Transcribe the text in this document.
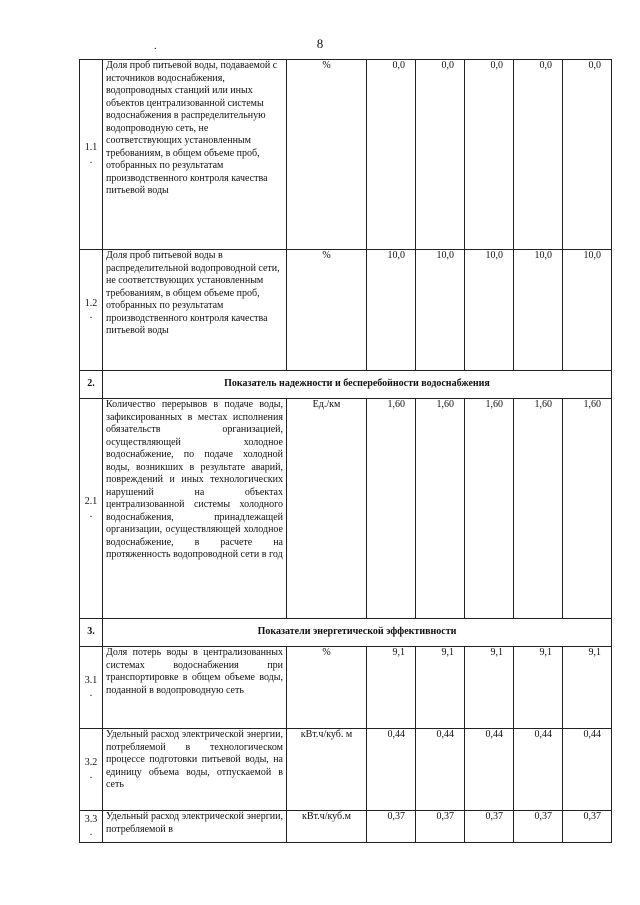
8
.
1.1
.	Доля проб питьевой воды, подаваемой с источников водоснабжения, водопроводных станций или иных объектов централизованной системы водоснабжения в распределительную водопроводную сеть, не соответствующих установленным требованиям, в общем объеме проб, отобранных по результатам производственного контроля качества питьевой воды	%	0,0	0,0	0,0	0,0	0,0

1.2
.	Доля проб питьевой воды в распределительной водопроводной сети, не соответствующих установленным требованиям, в общем объеме проб, отобранных по результатам производственного контроля качества питьевой воды	%	10,0	10,0	10,0	10,0	10,0
2.	Показатель надежности и бесперебойности водоснабжения						

2.1
.	Количество перерывов в подаче воды, зафиксированных в местах исполнения обязательств организацией, осуществляющей холодное водоснабжение, по подаче холодной воды, возникших в результате аварий, повреждений и иных технологических нарушений на объектах централизованной системы холодного водоснабжения, принадлежащей организации, осуществляющей холодное водоснабжение, в расчете на протяженность водопроводной сети в год	Ед./км	1,60	1,60	1,60	1,60	1,60
3.	Показатели энергетической эффективности						

3.1
.	Доля потерь воды в централизованных системах водоснабжения при транспортировке в общем объеме воды, поданной в водопроводную сеть	%	9,1	9,1	9,1	9,1	9,1

3.2
.	Удельный расход электрической энергии, потребляемой в технологическом процессе подготовки питьевой воды, на единицу объема воды, отпускаемой в сеть	кВт.ч/куб. м	0,44	0,44	0,44	0,44	0,44

3.3
.	Удельный расход электрической энергии, потребляемой в	кВт.ч/куб.м	0,37	0,37	0,37	0,37	0,37
